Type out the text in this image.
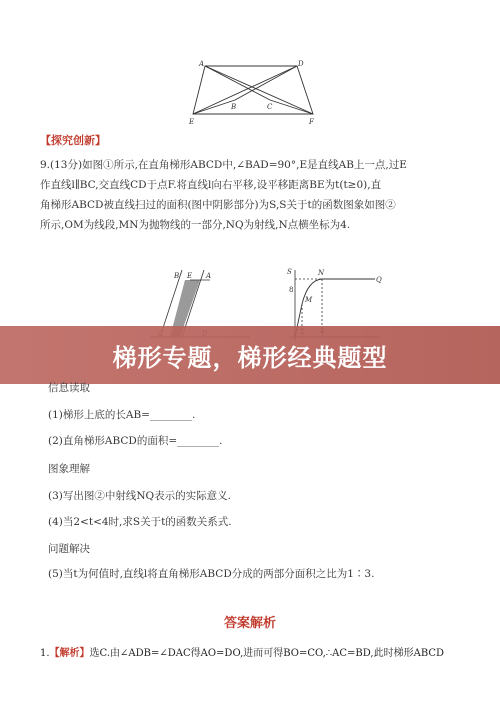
A	D
B	C
E	F
【探究创新】
9.(13分)如图①所示,在直角梯形ABCD中,∠BAD=90°,E是直线AB上一点,过E
作直线l∥BC,交直线CD于点F.将直线l向右平移,设平移距离BE为t(t≥0),直
角梯形ABCD被直线扫过的面积(图中阴影部分)为S,S关于t的函数图象如图②
所示,OM为线段,MN为抛物线的一部分,NQ为射线,N点横坐标为4.
B E A	S	N
M
Q
8
梯形专题，梯形经典题型
信息读取
(1)梯形上底的长AB=________.
(2)直角梯形ABCD的面积=________.
图象理解
(3)写出图②中射线NQ表示的实际意义.
(4)当2<t<4时,求S关于t的函数关系式.
问题解决
(5)当t为何值时,直线l将直角梯形ABCD分成的两部分面积之比为1∶3.
答案解析
1.【解析】选C.由∠ADB=∠DAC得AO=DO,进而可得BO=CO,∴AC=BD,此时梯形ABCD
